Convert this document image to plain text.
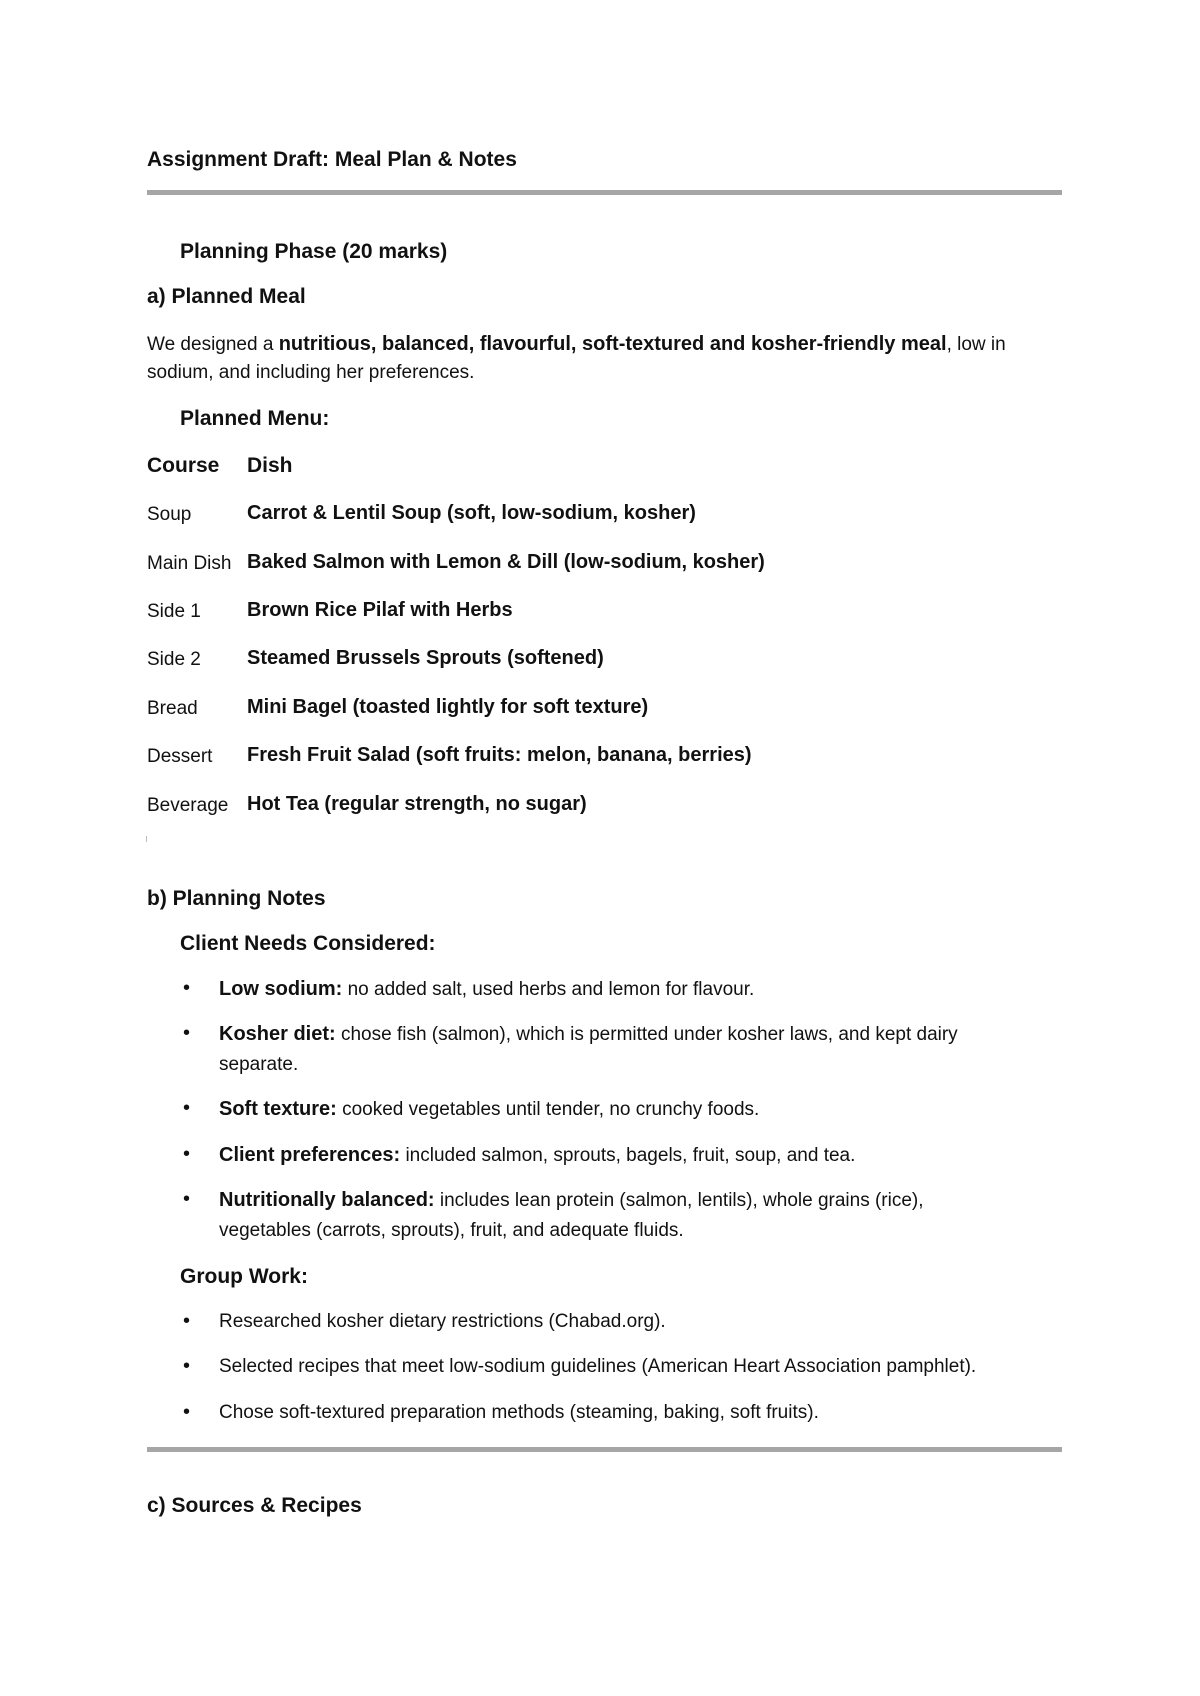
Assignment Draft: Meal Plan & Notes
Planning Phase (20 marks)
a) Planned Meal
We designed a nutritious, balanced, flavourful, soft-textured and kosher-friendly meal, low in
sodium, and including her preferences.
Planned Menu:
Course Dish
Soup	Carrot & Lentil Soup (soft, low-sodium, kosher)
Main Dish Baked Salmon with Lemon & Dill (low-sodium, kosher)
Side 1 Brown Rice Pilaf with Herbs
Side 2 Steamed Brussels Sprouts (softened)
Bread Mini Bagel (toasted lightly for soft texture)
Dessert Fresh Fruit Salad (soft fruits: melon, banana, berries)
Beverage Hot Tea (regular strength, no sugar)
b) Planning Notes
Client Needs Considered:
• Low sodium: no added salt, used herbs and lemon for flavour.
• Kosher diet: chose fish (salmon), which is permitted under kosher laws, and kept dairy
separate.
• Soft texture: cooked vegetables until tender, no crunchy foods.
• Client preferences: included salmon, sprouts, bagels, fruit, soup, and tea.
• Nutritionally balanced: includes lean protein (salmon, lentils), whole grains (rice),
vegetables (carrots, sprouts), fruit, and adequate fluids.
Group Work:
• Researched kosher dietary restrictions (Chabad.org).
• Selected recipes that meet low-sodium guidelines (American Heart Association pamphlet).
• Chose soft-textured preparation methods (steaming, baking, soft fruits).
c) Sources & Recipes
